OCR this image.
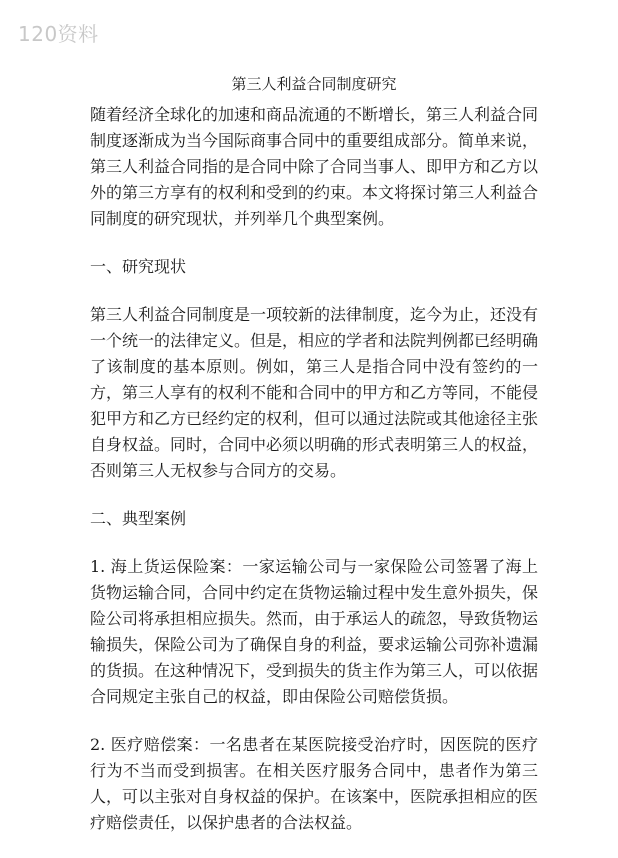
120资料
第三人利益合同制度研究

随着经济全球化的加速和商品流通的不断增长，第三人利益合同制度逐渐成为当今国际商事合同中的重要组成部分。简单来说，第三人利益合同指的是合同中除了合同当事人、即甲方和乙方以外的第三方享有的权利和受到的约束。本文将探讨第三人利益合同制度的研究现状，并列举几个典型案例。

一、研究现状

第三人利益合同制度是一项较新的法律制度，迄今为止，还没有一个统一的法律定义。但是，相应的学者和法院判例都已经明确了该制度的基本原则。例如，第三人是指合同中没有签约的一方，第三人享有的权利不能和合同中的甲方和乙方等同，不能侵犯甲方和乙方已经约定的权利，但可以通过法院或其他途径主张自身权益。同时，合同中必须以明确的形式表明第三人的权益，否则第三人无权参与合同方的交易。

二、典型案例

1. 海上货运保险案：一家运输公司与一家保险公司签署了海上货物运输合同，合同中约定在货物运输过程中发生意外损失，保险公司将承担相应损失。然而，由于承运人的疏忽，导致货物运输损失，保险公司为了确保自身的利益，要求运输公司弥补遗漏的货损。在这种情况下，受到损失的货主作为第三人，可以依据合同规定主张自己的权益，即由保险公司赔偿货损。

2. 医疗赔偿案：一名患者在某医院接受治疗时，因医院的医疗行为不当而受到损害。在相关医疗服务合同中，患者作为第三人，可以主张对自身权益的保护。在该案中，医院承担相应的医疗赔偿责任，以保护患者的合法权益。
